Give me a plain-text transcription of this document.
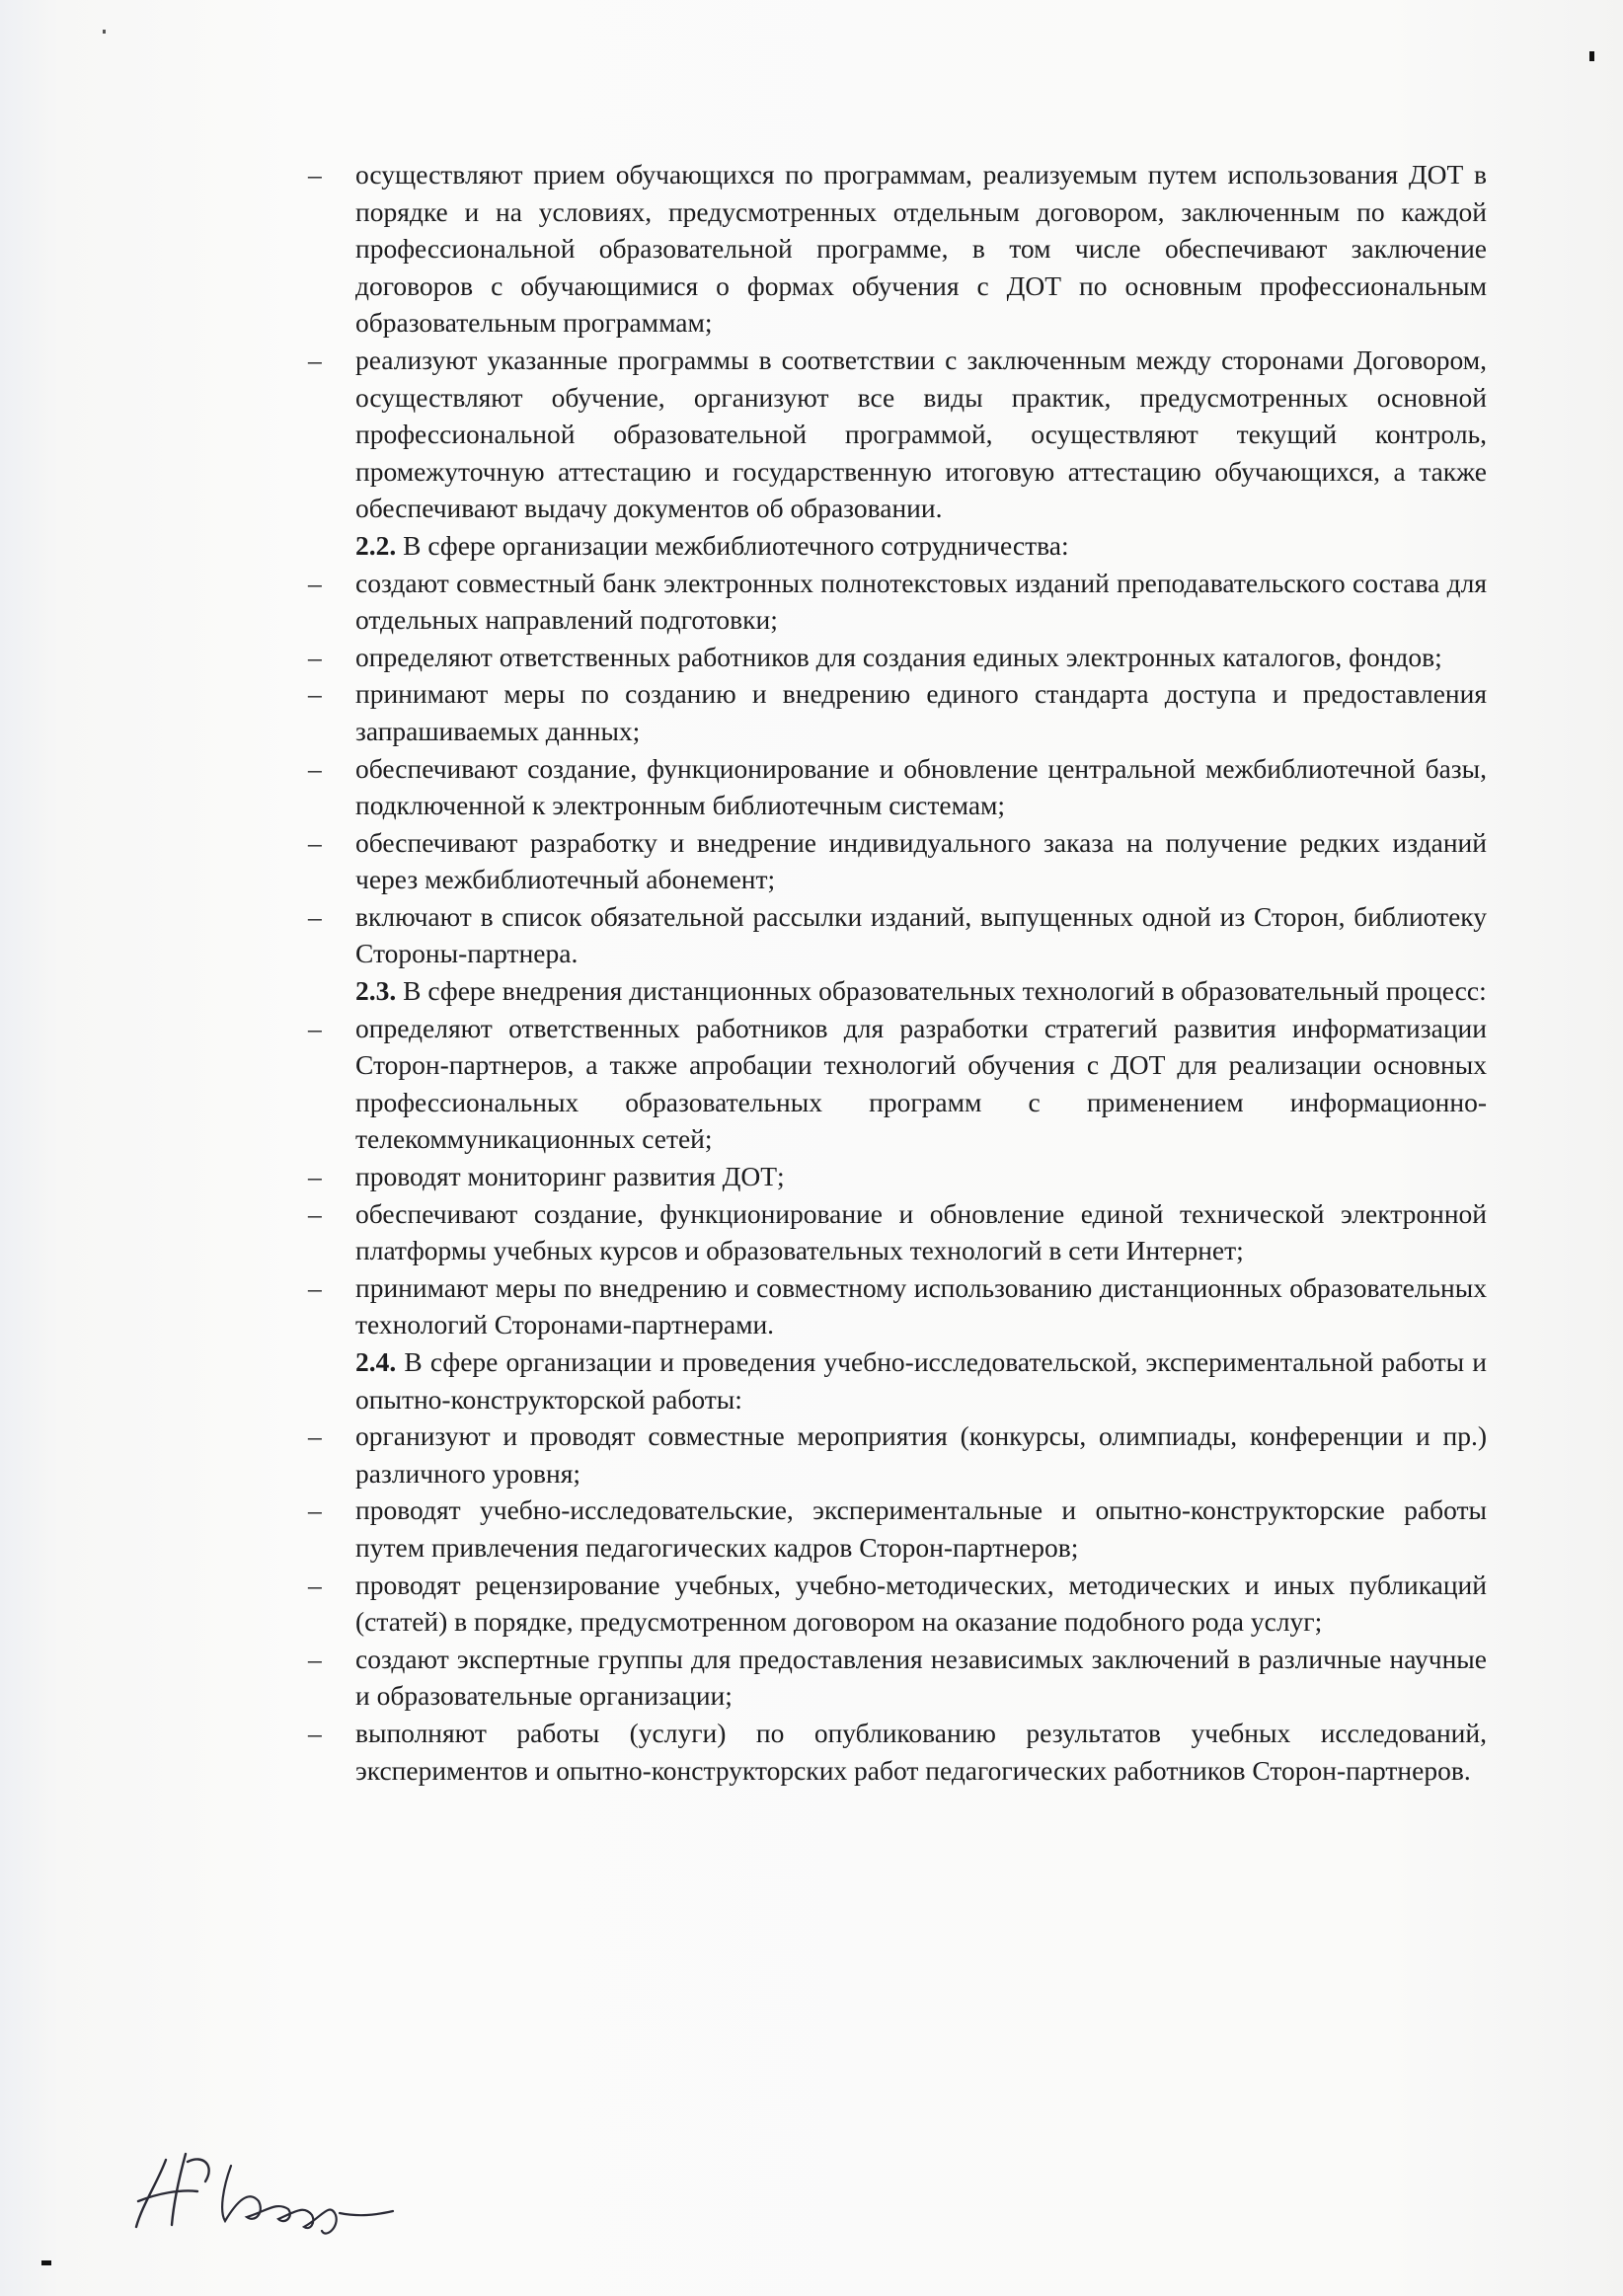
–	осуществляют прием обучающихся по программам, реализуемым путем использования ДОТ в порядке и на условиях, предусмотренных отдельным договором, заключенным по каждой профессиональной образовательной программе, в том числе обеспечивают заключение договоров с обучающимися о формах обучения с ДОТ по основным профессиональным образовательным программам;
–	реализуют указанные программы в соответствии с заключенным между сторонами Договором, осуществляют обучение, организуют все виды практик, предусмотренных основной профессиональной образовательной программой, осуществляют текущий контроль, промежуточную аттестацию и государственную итоговую аттестацию обучающихся, а также обеспечивают выдачу документов об образовании.
2.2. В сфере организации межбиблиотечного сотрудничества:
–	создают совместный банк электронных полнотекстовых изданий преподавательского состава для отдельных направлений подготовки;
–	определяют ответственных работников для создания единых электронных каталогов, фондов;
–	принимают меры по созданию и внедрению единого стандарта доступа и предоставления запрашиваемых данных;
–	обеспечивают создание, функционирование и обновление центральной межбиблиотечной базы, подключенной к электронным библиотечным системам;
–	обеспечивают разработку и внедрение индивидуального заказа на получение редких изданий через межбиблиотечный абонемент;
–	включают в список обязательной рассылки изданий, выпущенных одной из Сторон, библиотеку Стороны-партнера.
2.3. В сфере внедрения дистанционных образовательных технологий в образовательный процесс:
–	определяют ответственных работников для разработки стратегий развития информатизации Сторон-партнеров, а также апробации технологий обучения с ДОТ для реализации основных профессиональных образовательных программ с применением информационно-телекоммуникационных сетей;
–	проводят мониторинг развития ДОТ;
–	обеспечивают создание, функционирование и обновление единой технической электронной платформы учебных курсов и образовательных технологий в сети Интернет;
–	принимают меры по внедрению и совместному использованию дистанционных образовательных технологий Сторонами-партнерами.
2.4. В сфере организации и проведения учебно-исследовательской, экспериментальной работы и опытно-конструкторской работы:
–	организуют и проводят совместные мероприятия (конкурсы, олимпиады, конференции и пр.) различного уровня;
–	проводят учебно-исследовательские, экспериментальные и опытно-конструкторские работы путем привлечения педагогических кадров Сторон-партнеров;
–	проводят рецензирование учебных, учебно-методических, методических и иных публикаций (статей) в порядке, предусмотренном договором на оказание подобного рода услуг;
–	создают экспертные группы для предоставления независимых заключений в различные научные и образовательные организации;
–	выполняют работы (услуги) по опубликованию результатов учебных исследований, экспериментов и опытно-конструкторских работ педагогических работников Сторон-партнеров.
